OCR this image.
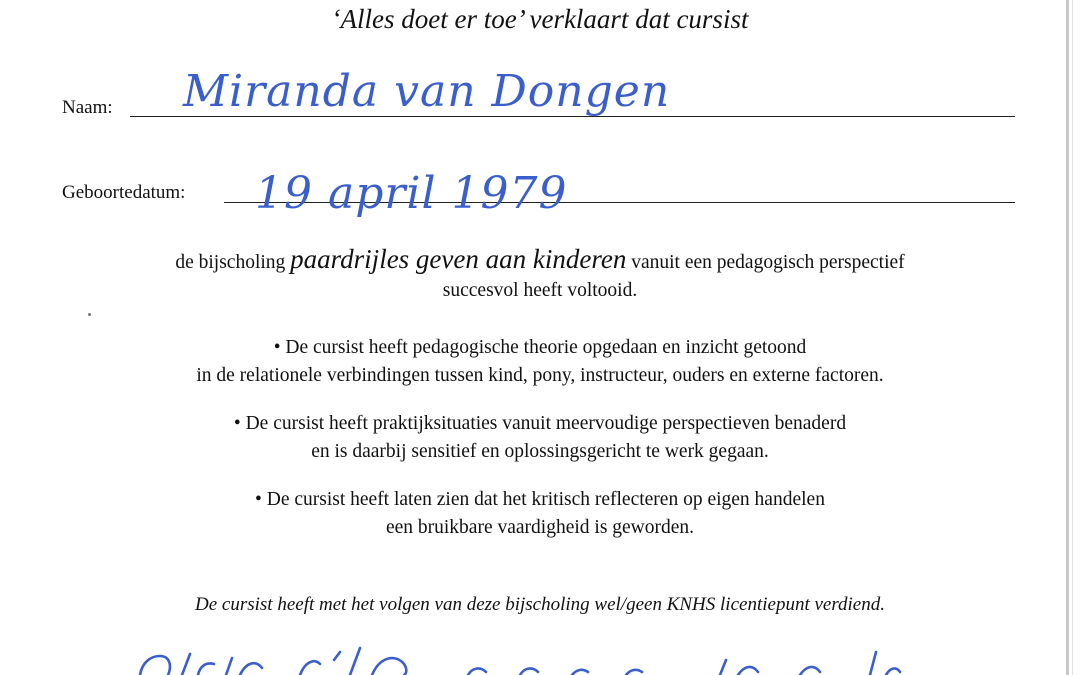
‘Alles doet er toe’ verklaart dat cursist
Naam: Miranda van Dongen
Geboortedatum: 19 april 1979
de bijscholing paardrijles geven aan kinderen vanuit een pedagogisch perspectief
succesvol heeft voltooid.
• De cursist heeft pedagogische theorie opgedaan en inzicht getoond
in de relationele verbindingen tussen kind, pony, instructeur, ouders en externe factoren.
• De cursist heeft praktijksituaties vanuit meervoudige perspectieven benaderd
en is daarbij sensitief en oplossingsgericht te werk gegaan.
• De cursist heeft laten zien dat het kritisch reflecteren op eigen handelen
een bruikbare vaardigheid is geworden.
De cursist heeft met het volgen van deze bijscholing wel/geen KNHS licentiepunt verdiend.
